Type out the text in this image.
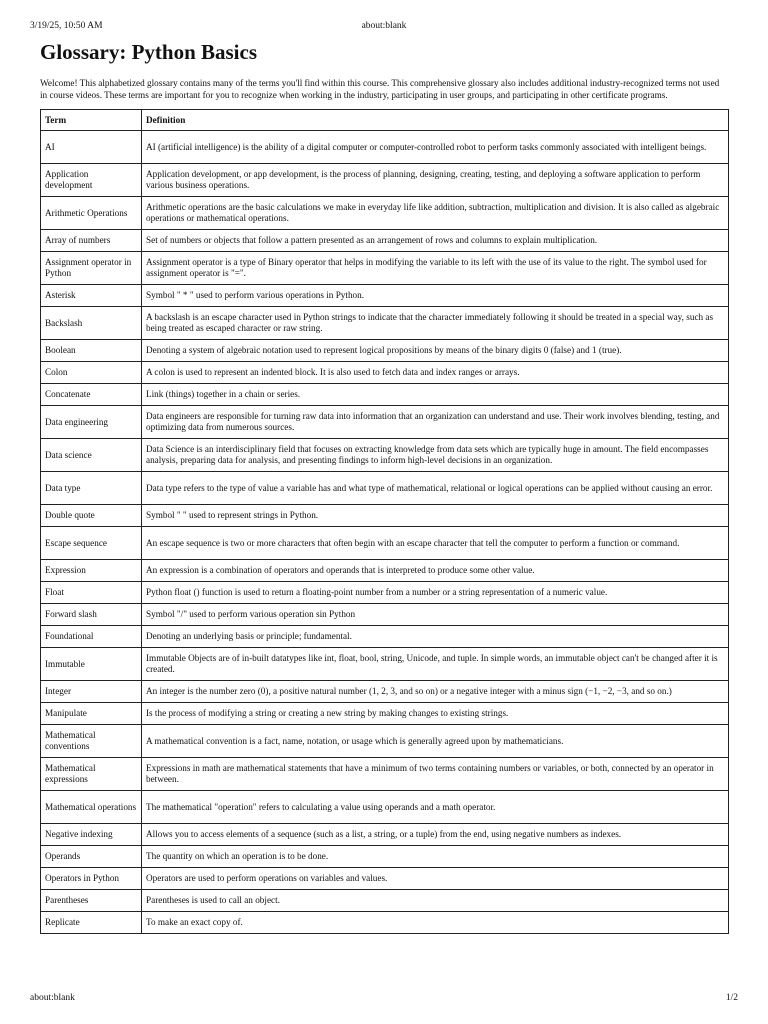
3/19/25, 10:50 AM	about:blank
Glossary: Python Basics

Welcome! This alphabetized glossary contains many of the terms you'll find within this course. This comprehensive glossary also includes additional industry-recognized terms not used in course videos. These terms are important for you to recognize when working in the industry, participating in user groups, and participating in other certificate programs.

Term	Definition
AI	AI (artificial intelligence) is the ability of a digital computer or computer-controlled robot to perform tasks commonly associated with intelligent beings.
Application development	Application development, or app development, is the process of planning, designing, creating, testing, and deploying a software application to perform various business operations.
Arithmetic Operations	Arithmetic operations are the basic calculations we make in everyday life like addition, subtraction, multiplication and division. It is also called as algebraic operations or mathematical operations.
Array of numbers	Set of numbers or objects that follow a pattern presented as an arrangement of rows and columns to explain multiplication.
Assignment operator in Python	Assignment operator is a type of Binary operator that helps in modifying the variable to its left with the use of its value to the right. The symbol used for assignment operator is "=".
Asterisk	Symbol " * " used to perform various operations in Python.
Backslash	A backslash is an escape character used in Python strings to indicate that the character immediately following it should be treated in a special way, such as being treated as escaped character or raw string.
Boolean	Denoting a system of algebraic notation used to represent logical propositions by means of the binary digits 0 (false) and 1 (true).
Colon	A colon is used to represent an indented block. It is also used to fetch data and index ranges or arrays.
Concatenate	Link (things) together in a chain or series.
Data engineering	Data engineers are responsible for turning raw data into information that an organization can understand and use. Their work involves blending, testing, and optimizing data from numerous sources.
Data science	Data Science is an interdisciplinary field that focuses on extracting knowledge from data sets which are typically huge in amount. The field encompasses analysis, preparing data for analysis, and presenting findings to inform high-level decisions in an organization.
Data type	Data type refers to the type of value a variable has and what type of mathematical, relational or logical operations can be applied without causing an error.
Double quote	Symbol " " used to represent strings in Python.
Escape sequence	An escape sequence is two or more characters that often begin with an escape character that tell the computer to perform a function or command.
Expression	An expression is a combination of operators and operands that is interpreted to produce some other value.
Float	Python float () function is used to return a floating-point number from a number or a string representation of a numeric value.
Forward slash	Symbol "/" used to perform various operation sin Python
Foundational	Denoting an underlying basis or principle; fundamental.
Immutable	Immutable Objects are of in-built datatypes like int, float, bool, string, Unicode, and tuple. In simple words, an immutable object can't be changed after it is created.
Integer	An integer is the number zero (0), a positive natural number (1, 2, 3, and so on) or a negative integer with a minus sign (−1, −2, −3, and so on.)
Manipulate	Is the process of modifying a string or creating a new string by making changes to existing strings.
Mathematical conventions	A mathematical convention is a fact, name, notation, or usage which is generally agreed upon by mathematicians.
Mathematical expressions	Expressions in math are mathematical statements that have a minimum of two terms containing numbers or variables, or both, connected by an operator in between.
Mathematical operations	The mathematical "operation" refers to calculating a value using operands and a math operator.
Negative indexing	Allows you to access elements of a sequence (such as a list, a string, or a tuple) from the end, using negative numbers as indexes.
Operands	The quantity on which an operation is to be done.
Operators in Python	Operators are used to perform operations on variables and values.
Parentheses	Parentheses is used to call an object.
Replicate	To make an exact copy of.
about:blank	1/2
